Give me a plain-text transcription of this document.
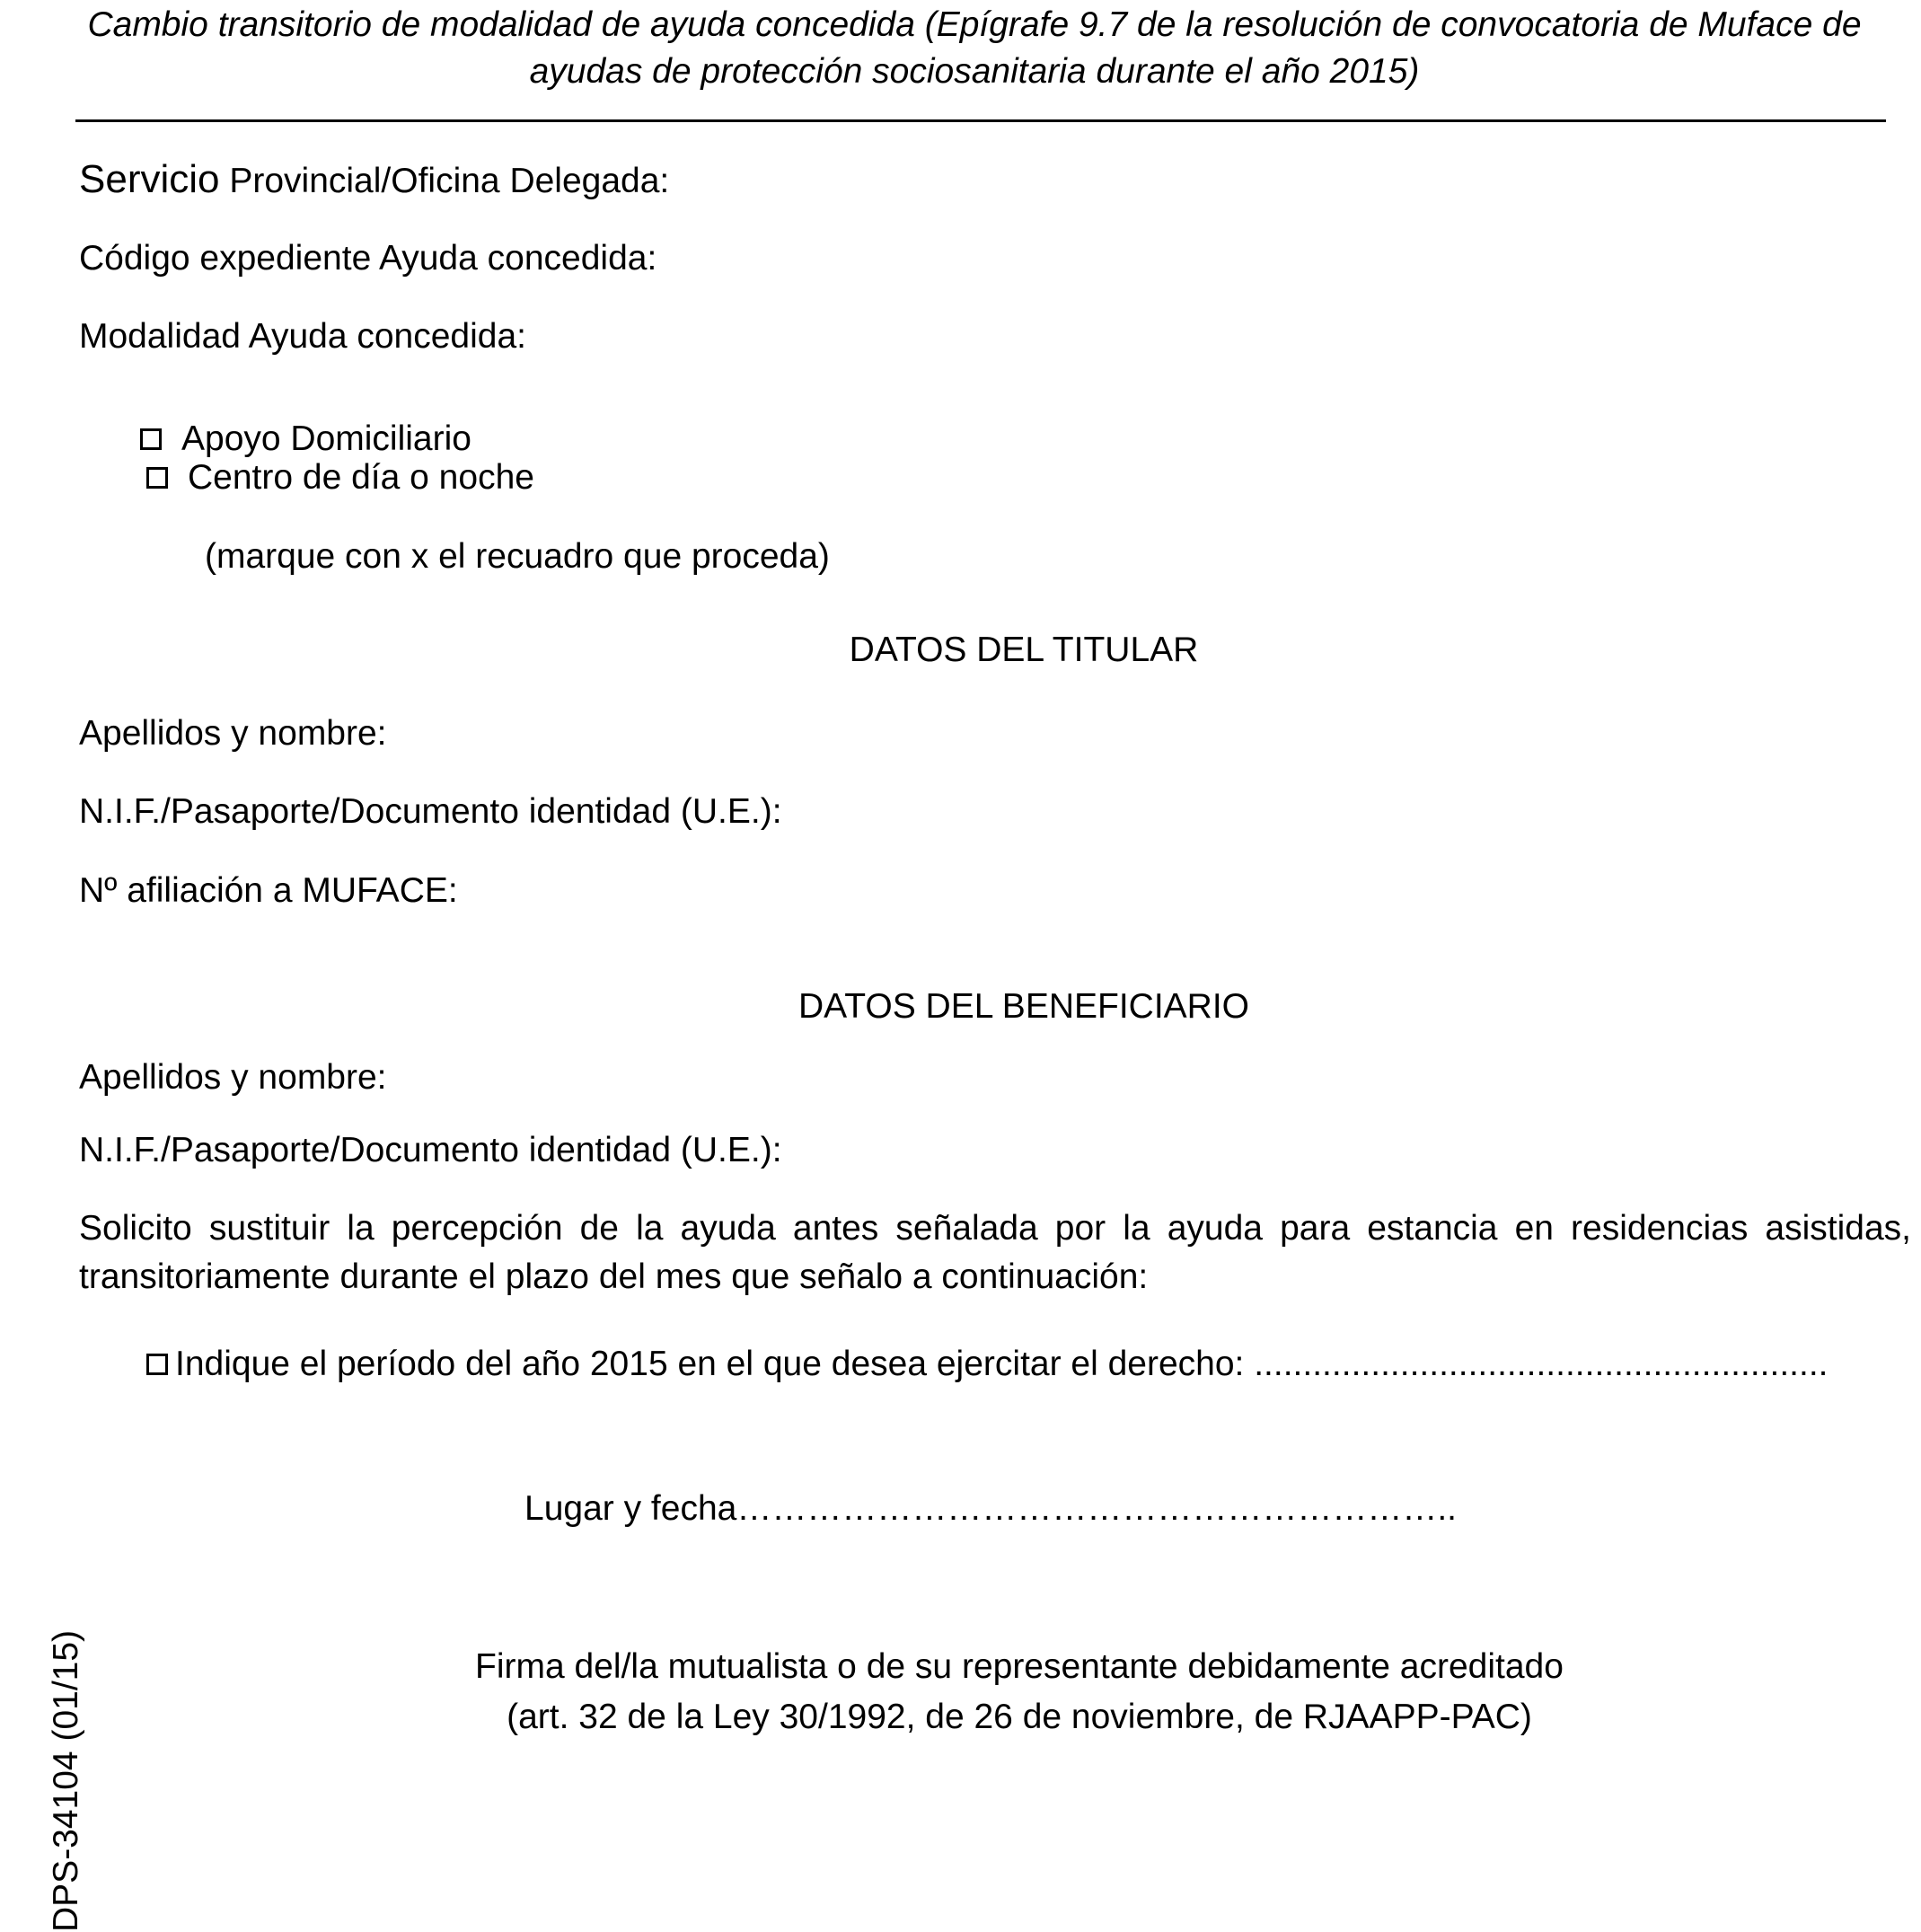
Cambio transitorio de modalidad de ayuda concedida (Epígrafe 9.7 de la resolución de convocatoria de Muface de
ayudas de protección sociosanitaria durante el año 2015)
Servicio Provincial/Oficina Delegada:
Código expediente Ayuda concedida:
Modalidad Ayuda concedida:
Apoyo Domiciliario
Centro de día o noche
(marque con x el recuadro que proceda)
DATOS DEL TITULAR
Apellidos y nombre:
N.I.F./Pasaporte/Documento identidad (U.E.):
Nº afiliación a MUFACE:
DATOS DEL BENEFICIARIO
Apellidos y nombre:
N.I.F./Pasaporte/Documento identidad (U.E.):
Solicito sustituir la percepción de la ayuda antes señalada por la ayuda para estancia en residencias asistidas, transitoriamente durante el plazo del mes que señalo a continuación:
Indique el período del año 2015 en el que desea ejercitar el derecho: ...........................................................
Lugar y fecha……………………………………………………..
Firma del/la mutualista o de su representante debidamente acreditado
(art. 32 de la Ley 30/1992, de 26 de noviembre, de RJAAPP-PAC)
DPS-34104 (01/15)
